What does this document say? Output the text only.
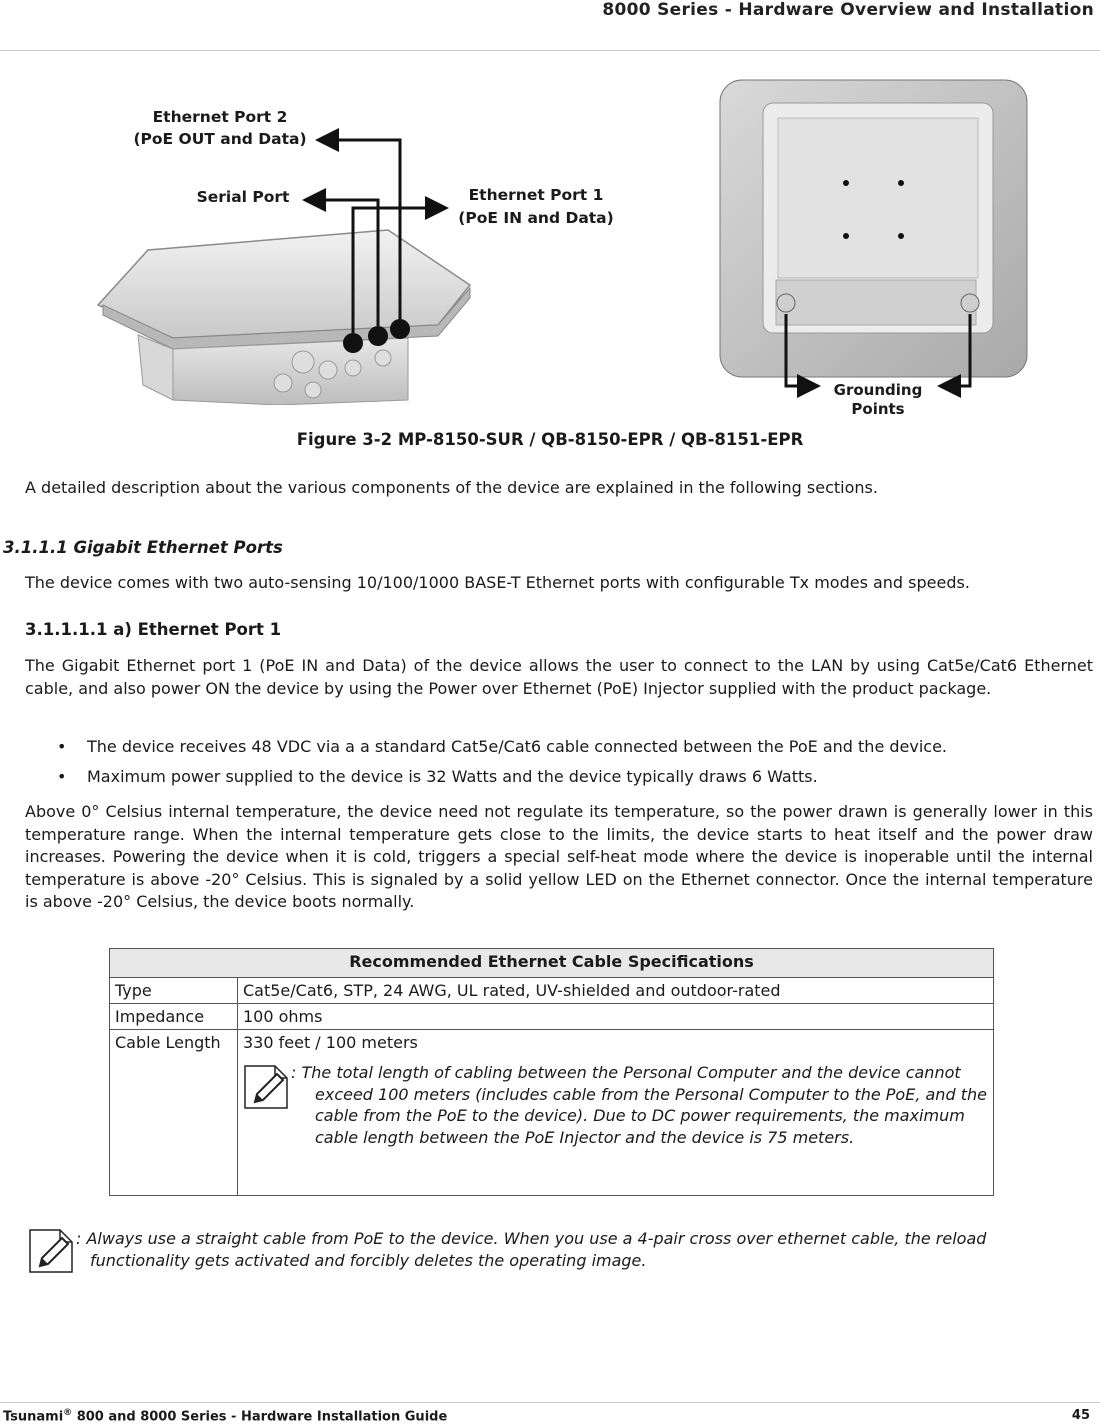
8000 Series - Hardware Overview and Installation
Ethernet Port 2
(PoE OUT and Data)
Serial Port	Ethernet Port 1
(PoE IN and Data)
Grounding
Points
Figure 3-2 MP-8150-SUR / QB-8150-EPR / QB-8151-EPR
A detailed description about the various components of the device are explained in the following sections.
3.1.1.1 Gigabit Ethernet Ports
The device comes with two auto-sensing 10/100/1000 BASE-T Ethernet ports with configurable Tx modes and speeds.
3.1.1.1.1 a) Ethernet Port 1
The Gigabit Ethernet port 1 (PoE IN and Data) of the device allows the user to connect to the LAN by using Cat5e/Cat6 Ethernet cable, and also power ON the device by using the Power over Ethernet (PoE) Injector supplied with the product package.
• The device receives 48 VDC via a a standard Cat5e/Cat6 cable connected between the PoE and the device.
• Maximum power supplied to the device is 32 Watts and the device typically draws 6 Watts.
Above 0° Celsius internal temperature, the device need not regulate its temperature, so the power drawn is generally lower in this temperature range. When the internal temperature gets close to the limits, the device starts to heat itself and the power draw increases. Powering the device when it is cold, triggers a special self-heat mode where the device is inoperable until the internal temperature is above -20° Celsius. This is signaled by a solid yellow LED on the Ethernet connector. Once the internal temperature is above -20° Celsius, the device boots normally.
Recommended Ethernet Cable Specifications	
Type	Cat5e/Cat6, STP, 24 AWG, UL rated, UV-shielded and outdoor-rated
Impedance	100 ohms
Cable Length	330 feet / 100 meters
: The total length of cabling between the Personal Computer and the device cannot exceed 100 meters (includes cable from the Personal Computer to the PoE, and the cable from the PoE to the device). Due to DC power requirements, the maximum cable length between the PoE Injector and the device is 75 meters.
: Always use a straight cable from PoE to the device. When you use a 4-pair cross over ethernet cable, the reload functionality gets activated and forcibly deletes the operating image.
Tsunami® 800 and 8000 Series - Hardware Installation Guide	45
